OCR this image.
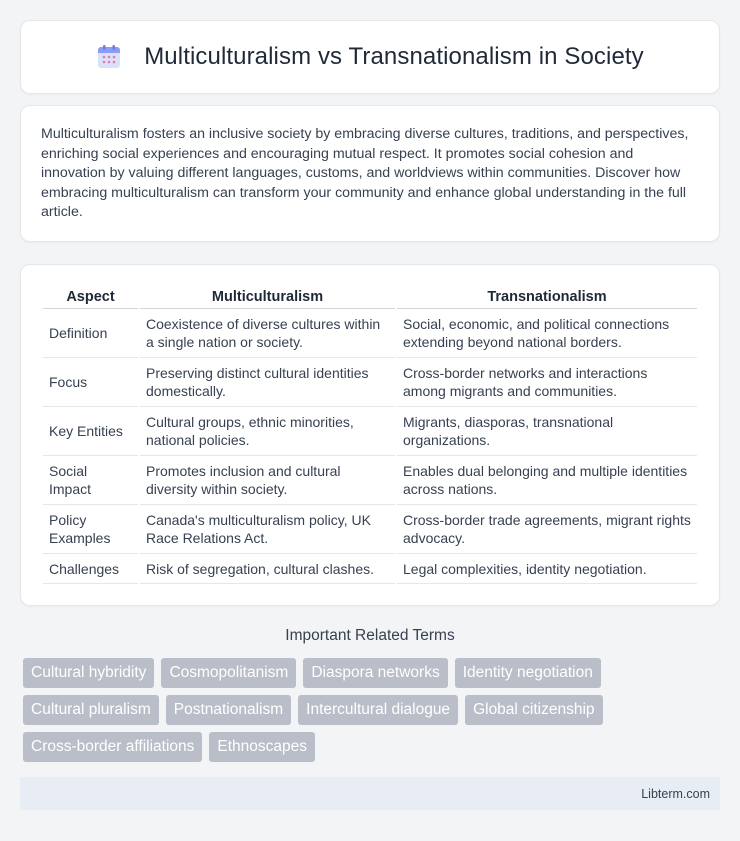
Multiculturalism vs Transnationalism in Society

Multiculturalism fosters an inclusive society by embracing diverse cultures, traditions, and perspectives, enriching social experiences and encouraging mutual respect. It promotes social cohesion and innovation by valuing different languages, customs, and worldviews within communities. Discover how embracing multiculturalism can transform your community and enhance global understanding in the full article.

Aspect	Multiculturalism	Transnationalism
Definition	Coexistence of diverse cultures within a single nation or society.	Social, economic, and political connections extending beyond national borders.
Focus	Preserving distinct cultural identities domestically.	Cross-border networks and interactions among migrants and communities.
Key Entities	Cultural groups, ethnic minorities, national policies.	Migrants, diasporas, transnational organizations.
Social Impact	Promotes inclusion and cultural diversity within society.	Enables dual belonging and multiple identities across nations.
Policy Examples	Canada's multiculturalism policy, UK Race Relations Act.	Cross-border trade agreements, migrant rights advocacy.
Challenges	Risk of segregation, cultural clashes.	Legal complexities, identity negotiation.
Important Related Terms
Cultural hybridity	Cosmopolitanism	Diaspora networks	Identity negotiation
Cultural pluralism	Postnationalism	Intercultural dialogue	Global citizenship
Cross-border affiliations	Ethnoscapes
Libterm.com
